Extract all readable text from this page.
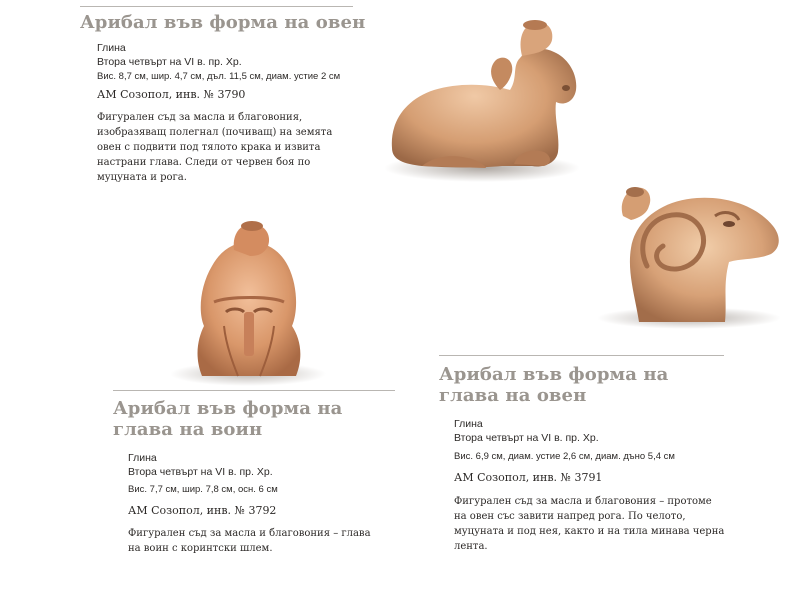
Арибал във форма на овен
Глина
Втора четвърт на VI в. пр. Хр.
Вис. 8,7 см, шир. 4,7 см, дъл. 11,5 см, диам. устие 2 см
АМ Созопол, инв. № 3790
Фигурален съд за масла и благовония, изобразяващ полегнал (почиващ) на земята овен с подвити под тялото крака и извита настрани глава. Следи от червен боя по муцуната и рога.
Арибал във форма на глава на воин
Глина
Втора четвърт на VI в. пр. Хр.
Вис. 7,7 см, шир. 7,8 см, осн. 6 см
АМ Созопол, инв. № 3792
Фигурален съд за масла и благовония – глава на воин с коринтски шлем.
Арибал във форма на глава на овен
Глина
Втора четвърт на VI в. пр. Хр.
Вис. 6,9 см, диам. устие 2,6 см, диам. дъно 5,4 см
АМ Созопол, инв. № 3791
Фигурален съд за масла и благовония – протоме на овен със завити напред рога. По челото, муцуната и под нея, както и на тила минава черна лента.
